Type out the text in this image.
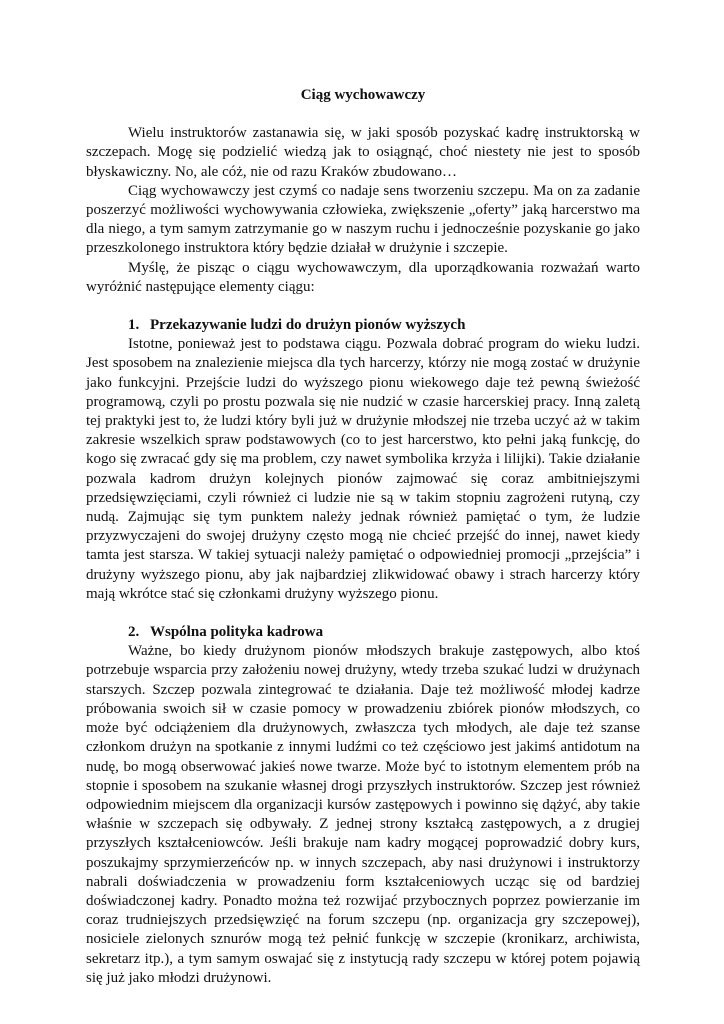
Ciąg wychowawczy

Wielu instruktorów zastanawia się, w jaki sposób pozyskać kadrę instruktorską w szczepach. Mogę się podzielić wiedzą jak to osiągnąć, choć niestety nie jest to sposób błyskawiczny. No, ale cóż, nie od razu Kraków zbudowano…

Ciąg wychowawczy jest czymś co nadaje sens tworzeniu szczepu. Ma on za zadanie poszerzyć możliwości wychowywania człowieka, zwiększenie „oferty” jaką harcerstwo ma dla niego, a tym samym zatrzymanie go w naszym ruchu i jednocześnie pozyskanie go jako przeszkolonego instruktora który będzie działał w drużynie i szczepie.

Myślę, że pisząc o ciągu wychowawczym, dla uporządkowania rozważań warto wyróżnić następujące elementy ciągu:

1. Przekazywanie ludzi do drużyn pionów wyższych

Istotne, ponieważ jest to podstawa ciągu. Pozwala dobrać program do wieku ludzi. Jest sposobem na znalezienie miejsca dla tych harcerzy, którzy nie mogą zostać w drużynie jako funkcyjni. Przejście ludzi do wyższego pionu wiekowego daje też pewną świeżość programową, czyli po prostu pozwala się nie nudzić w czasie harcerskiej pracy. Inną zaletą tej praktyki jest to, że ludzi który byli już w drużynie młodszej nie trzeba uczyć aż w takim zakresie wszelkich spraw podstawowych (co to jest harcerstwo, kto pełni jaką funkcję, do kogo się zwracać gdy się ma problem, czy nawet symbolika krzyża i lilijki). Takie działanie pozwala kadrom drużyn kolejnych pionów zajmować się coraz ambitniejszymi przedsięwzięciami, czyli również ci ludzie nie są w takim stopniu zagrożeni rutyną, czy nudą. Zajmując się tym punktem należy jednak również pamiętać o tym, że ludzie przyzwyczajeni do swojej drużyny często mogą nie chcieć przejść do innej, nawet kiedy tamta jest starsza. W takiej sytuacji należy pamiętać o odpowiedniej promocji „przejścia” i drużyny wyższego pionu, aby jak najbardziej zlikwidować obawy i strach harcerzy który mają wkrótce stać się członkami drużyny wyższego pionu.

2. Wspólna polityka kadrowa

Ważne, bo kiedy drużynom pionów młodszych brakuje zastępowych, albo ktoś potrzebuje wsparcia przy założeniu nowej drużyny, wtedy trzeba szukać ludzi w drużynach starszych. Szczep pozwala zintegrować te działania. Daje też możliwość młodej kadrze próbowania swoich sił w czasie pomocy w prowadzeniu zbiórek pionów młodszych, co może być odciążeniem dla drużynowych, zwłaszcza tych młodych, ale daje też szanse członkom drużyn na spotkanie z innymi ludźmi co też częściowo jest jakimś antidotum na nudę, bo mogą obserwować jakieś nowe twarze. Może być to istotnym elementem prób na stopnie i sposobem na szukanie własnej drogi przyszłych instruktorów. Szczep jest również odpowiednim miejscem dla organizacji kursów zastępowych i powinno się dążyć, aby takie właśnie w szczepach się odbywały. Z jednej strony kształcą zastępowych, a z drugiej przyszłych kształceniowców. Jeśli brakuje nam kadry mogącej poprowadzić dobry kurs, poszukajmy sprzymierzeńców np. w innych szczepach, aby nasi drużynowi i instruktorzy nabrali doświadczenia w prowadzeniu form kształceniowych ucząc się od bardziej doświadczonej kadry. Ponadto można też rozwijać przybocznych poprzez powierzanie im coraz trudniejszych przedsięwzięć na forum szczepu (np. organizacja gry szczepowej), nosiciele zielonych sznurów mogą też pełnić funkcję w szczepie (kronikarz, archiwista, sekretarz itp.), a tym samym oswajać się z instytucją rady szczepu w której potem pojawią się już jako młodzi drużynowi.
